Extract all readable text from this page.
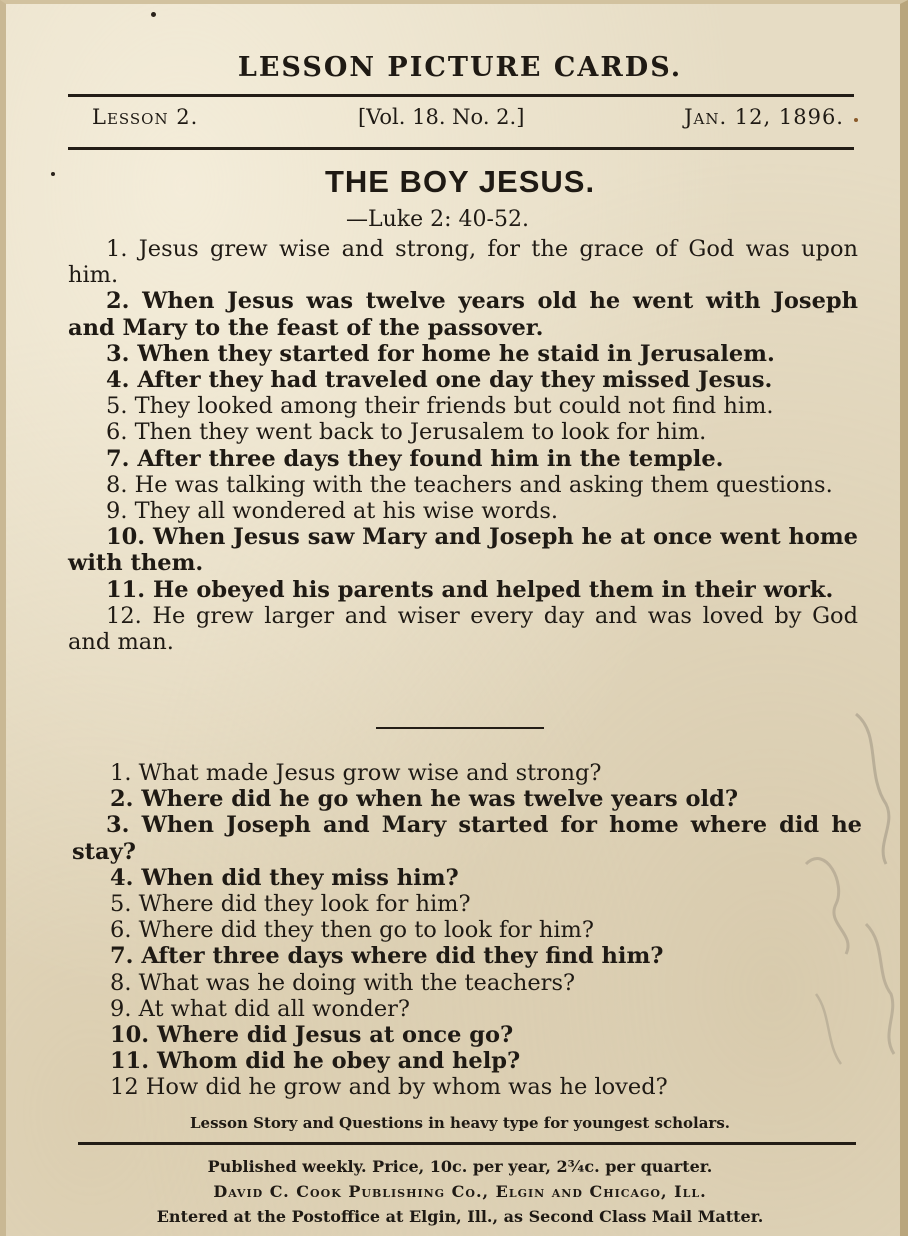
LESSON PICTURE CARDS.
Lesson 2.	[Vol. 18. No. 2.]	Jan. 12, 1896.
THE BOY JESUS.
—Luke 2: 40-52.

1. Jesus grew wise and strong, for the grace of God was upon him.

2. When Jesus was twelve years old he went with Joseph and Mary to the feast of the passover.

3. When they started for home he staid in Jerusalem.

4. After they had traveled one day they missed Jesus.

5. They looked among their friends but could not find him.

6. Then they went back to Jerusalem to look for him.

7. After three days they found him in the temple.

8. He was talking with the teachers and asking them questions.

9. They all wondered at his wise words.

10. When Jesus saw Mary and Joseph he at once went home with them.

11. He obeyed his parents and helped them in their work.

12. He grew larger and wiser every day and was loved by God and man.

1. What made Jesus grow wise and strong?

2. Where did he go when he was twelve years old?

3. When Joseph and Mary started for home where did he stay?

4. When did they miss him?

5. Where did they look for him?

6. Where did they then go to look for him?

7. After three days where did they find him?

8. What was he doing with the teachers?

9. At what did all wonder?

10. Where did Jesus at once go?

11. Whom did he obey and help?

12 How did he grow and by whom was he loved?

Lesson Story and Questions in heavy type for youngest scholars.
Published weekly. Price, 10c. per year, 2¾c. per quarter.
David C. Cook Publishing Co., Elgin and Chicago, Ill.
Entered at the Postoffice at Elgin, Ill., as Second Class Mail Matter.
